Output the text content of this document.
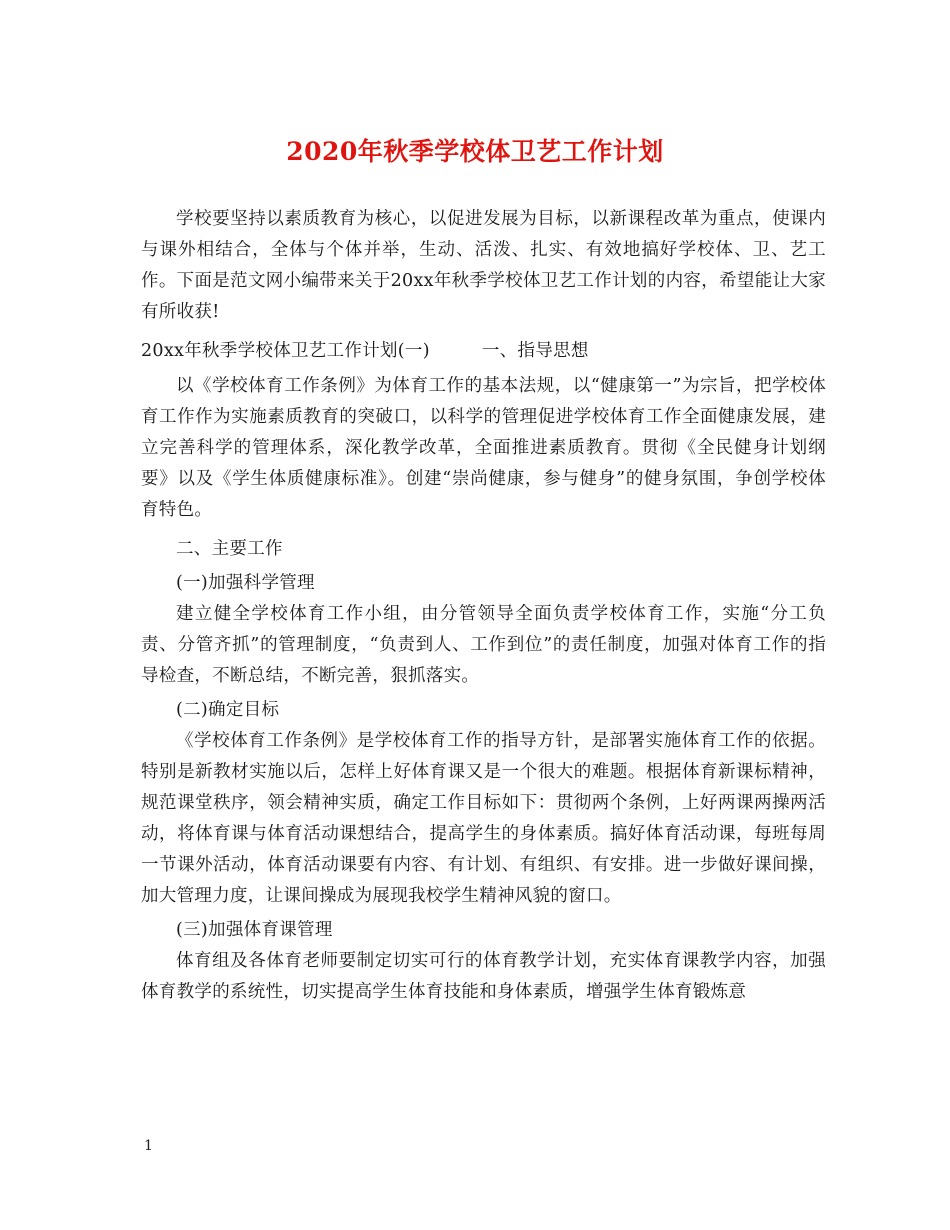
2020年秋季学校体卫艺工作计划

学校要坚持以素质教育为核心，以促进发展为目标，以新课程改革为重点，使课内与课外相结合，全体与个体并举，生动、活泼、扎实、有效地搞好学校体、卫、艺工作。下面是范文网小编带来关于20xx年秋季学校体卫艺工作计划的内容，希望能让大家有所收获!

20xx年秋季学校体卫艺工作计划(一)	一、指导思想

以《学校体育工作条例》为体育工作的基本法规，以“健康第一”为宗旨，把学校体育工作作为实施素质教育的突破口，以科学的管理促进学校体育工作全面健康发展，建立完善科学的管理体系，深化教学改革，全面推进素质教育。贯彻《全民健身计划纲要》以及《学生体质健康标准》。创建“崇尚健康，参与健身”的健身氛围，争创学校体育特色。

二、主要工作

(一)加强科学管理

建立健全学校体育工作小组，由分管领导全面负责学校体育工作，实施“分工负责、分管齐抓”的管理制度，“负责到人、工作到位”的责任制度，加强对体育工作的指导检查，不断总结，不断完善，狠抓落实。

(二)确定目标

《学校体育工作条例》是学校体育工作的指导方针，是部署实施体育工作的依据。特别是新教材实施以后，怎样上好体育课又是一个很大的难题。根据体育新课标精神，规范课堂秩序，领会精神实质，确定工作目标如下：贯彻两个条例，上好两课两操两活动，将体育课与体育活动课想结合，提高学生的身体素质。搞好体育活动课，每班每周一节课外活动，体育活动课要有内容、有计划、有组织、有安排。进一步做好课间操，加大管理力度，让课间操成为展现我校学生精神风貌的窗口。

(三)加强体育课管理

体育组及各体育老师要制定切实可行的体育教学计划，充实体育课教学内容，加强体育教学的系统性，切实提高学生体育技能和身体素质，增强学生体育锻炼意

1
